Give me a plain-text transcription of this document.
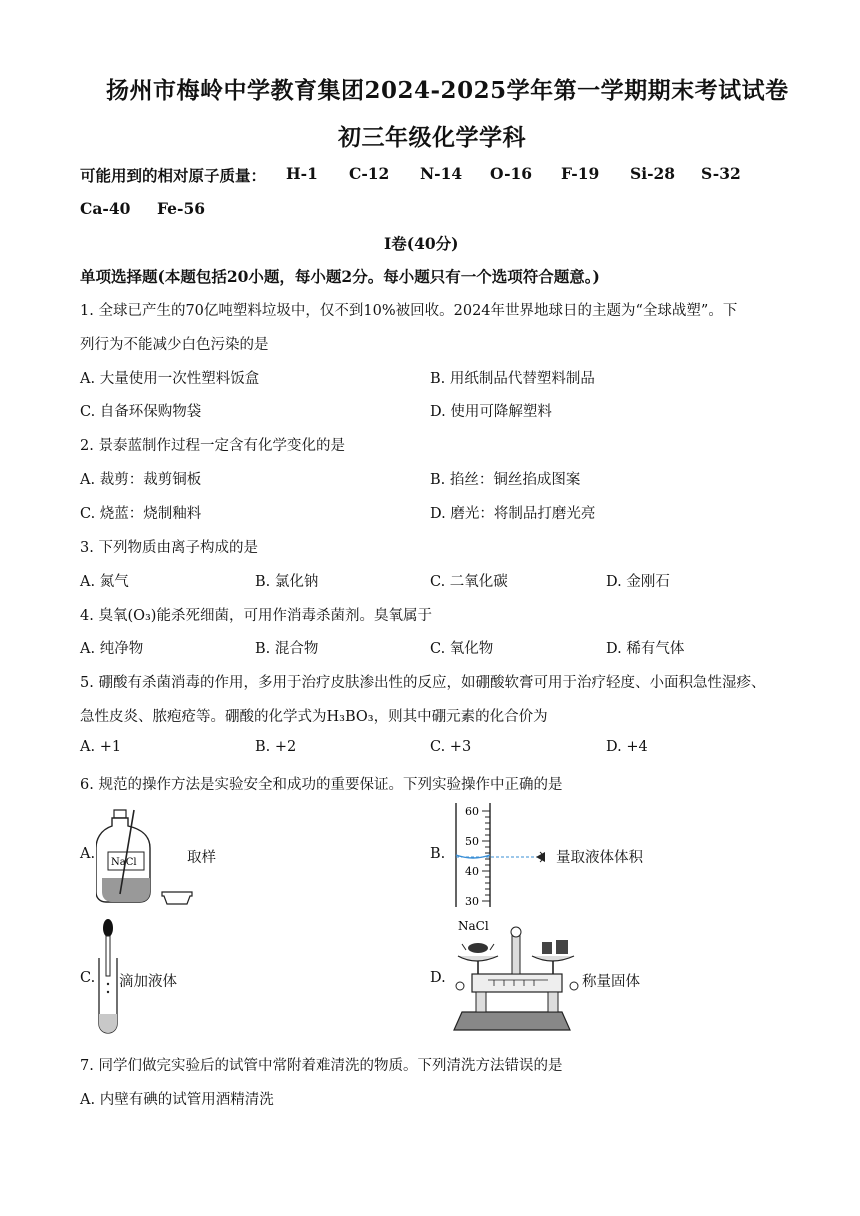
扬州市梅岭中学教育集团2024-2025学年第一学期期末考试试卷
初三年级化学学科
可能用到的相对原子质量： H-1 C-12 N-14 O-16 F-19 Si-28 S-32
Ca-40 Fe-56
I卷(40分)
单项选择题(本题包括20小题，每小题2分。每小题只有一个选项符合题意。)
1. 全球已产生的70亿吨塑料垃圾中，仅不到10%被回收。2024年世界地球日的主题为“全球战塑”。下
列行为不能减少白色污染的是
A. 大量使用一次性塑料饭盒	B. 用纸制品代替塑料制品
C. 自备环保购物袋	D. 使用可降解塑料
2. 景泰蓝制作过程一定含有化学变化的是
A. 裁剪：裁剪铜板	B. 掐丝：铜丝掐成图案
C. 烧蓝：烧制釉料	D. 磨光：将制品打磨光亮
3. 下列物质由离子构成的是
A. 氮气	B. 氯化钠	C. 二氧化碳	D. 金刚石
4. 臭氧(O₃)能杀死细菌，可用作消毒杀菌剂。臭氧属于
A. 纯净物	B. 混合物	C. 氧化物	D. 稀有气体
5. 硼酸有杀菌消毒的作用，多用于治疗皮肤渗出性的反应，如硼酸软膏可用于治疗轻度、小面积急性湿疹、
急性皮炎、脓疱疮等。硼酸的化学式为H₃BO₃，则其中硼元素的化合价为
A. +1	B. +2	C. +3	D. +4
6. 规范的操作方法是实验安全和成功的重要保证。下列实验操作中正确的是
A.
NaCl	取样	B.
60
50
40
30
量取液体体积
C. 滴加液体	D.
NaCl
称量固体
7. 同学们做完实验后的试管中常附着难清洗的物质。下列清洗方法错误的是
A. 内壁有碘的试管用酒精清洗
